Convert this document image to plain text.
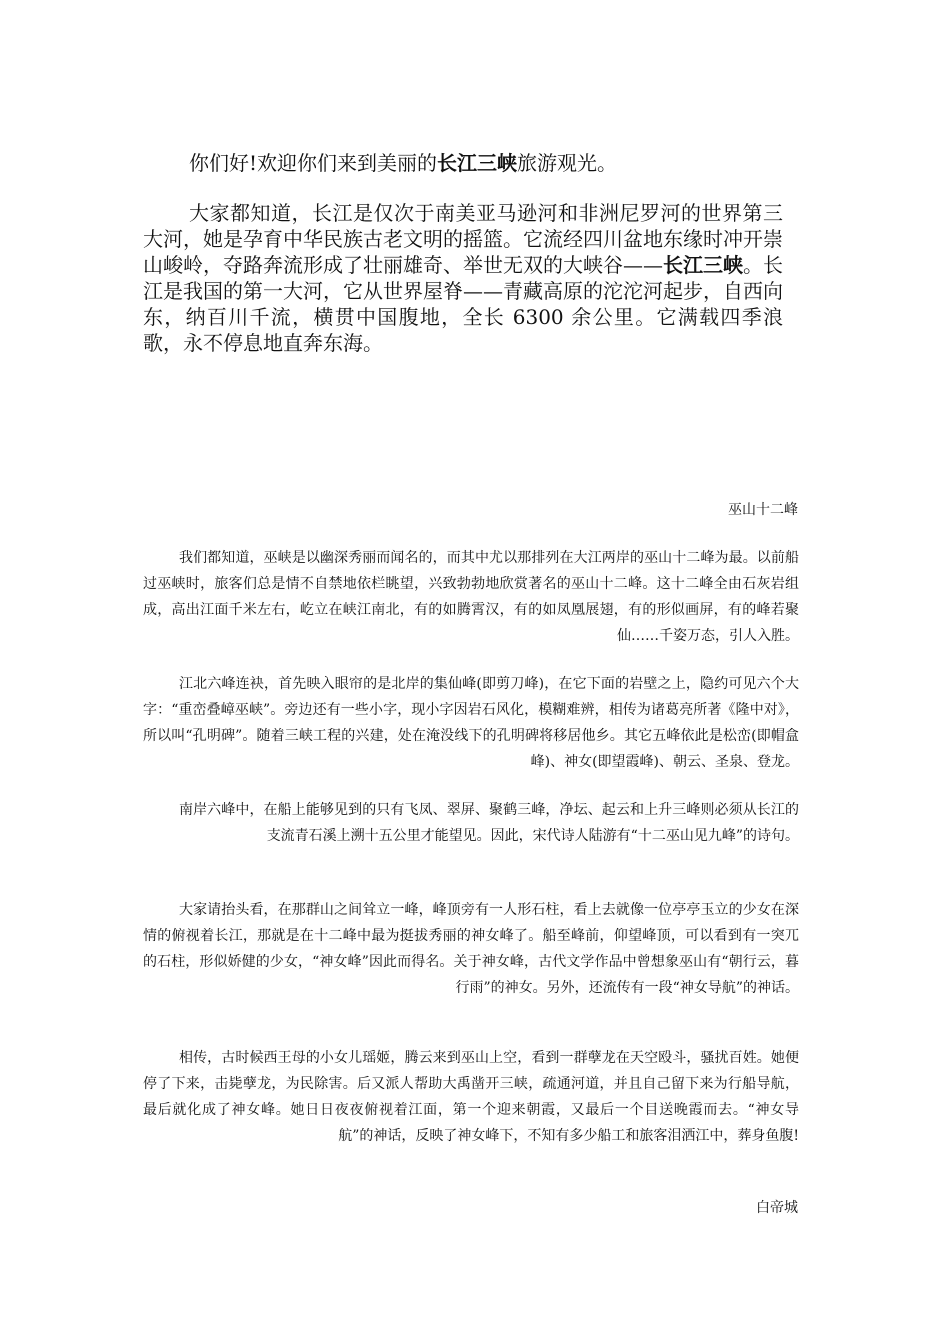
你们好!欢迎你们来到美丽的长江三峡旅游观光。

大家都知道，长江是仅次于南美亚马逊河和非洲尼罗河的世界第三大河，她是孕育中华民族古老文明的摇篮。它流经四川盆地东缘时冲开崇山峻岭，夺路奔流形成了壮丽雄奇、举世无双的大峡谷——长江三峡。长江是我国的第一大河，它从世界屋脊——青藏高原的沱沱河起步，自西向东，纳百川千流，横贯中国腹地，全长 6300 余公里。它满载四季浪歌，永不停息地直奔东海。

巫山十二峰

我们都知道，巫峡是以幽深秀丽而闻名的，而其中尤以那排列在大江两岸的巫山十二峰为最。以前船过巫峡时，旅客们总是情不自禁地依栏眺望，兴致勃勃地欣赏著名的巫山十二峰。这十二峰全由石灰岩组成，高出江面千米左右，屹立在峡江南北，有的如腾霄汉，有的如凤凰展翅，有的形似画屏，有的峰若聚仙……千姿万态，引人入胜。

江北六峰连袂，首先映入眼帘的是北岸的集仙峰(即剪刀峰)，在它下面的岩壁之上，隐约可见六个大字：“重峦叠嶂巫峡”。旁边还有一些小字，现小字因岩石风化，模糊难辨，相传为诸葛亮所著《隆中对》，所以叫“孔明碑”。随着三峡工程的兴建，处在淹没线下的孔明碑将移居他乡。其它五峰依此是松峦(即帽盒峰)、神女(即望霞峰)、朝云、圣泉、登龙。

南岸六峰中，在船上能够见到的只有飞凤、翠屏、聚鹤三峰，净坛、起云和上升三峰则必须从长江的支流青石溪上溯十五公里才能望见。因此，宋代诗人陆游有“十二巫山见九峰”的诗句。

大家请抬头看，在那群山之间耸立一峰，峰顶旁有一人形石柱，看上去就像一位亭亭玉立的少女在深情的俯视着长江，那就是在十二峰中最为挺拔秀丽的神女峰了。船至峰前，仰望峰顶，可以看到有一突兀的石柱，形似娇健的少女，“神女峰”因此而得名。关于神女峰，古代文学作品中曾想象巫山有“朝行云，暮行雨”的神女。另外，还流传有一段“神女导航”的神话。

相传，古时候西王母的小女儿瑶姬，腾云来到巫山上空，看到一群孽龙在天空殴斗，骚扰百姓。她便停了下来，击毙孽龙，为民除害。后又派人帮助大禹凿开三峡，疏通河道，并且自己留下来为行船导航，最后就化成了神女峰。她日日夜夜俯视着江面，第一个迎来朝霞，又最后一个目送晚霞而去。“神女导航”的神话，反映了神女峰下，不知有多少船工和旅客泪洒江中，葬身鱼腹!

白帝城
